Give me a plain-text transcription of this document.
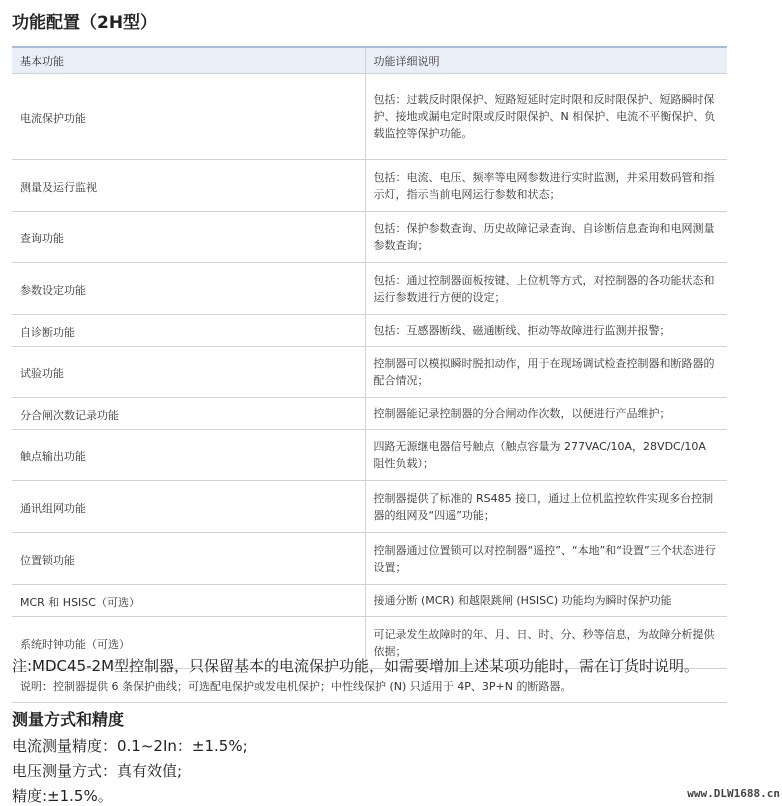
功能配置（2H型）
基本功能	功能详细说明
电流保护功能	包括：过载反时限保护、短路短延时定时限和反时限保护、短路瞬时保护、接地或漏电定时限或反时限保护、N 相保护、电流不平衡保护、负载监控等保护功能。
测量及运行监视	包括：电流、电压、频率等电网参数进行实时监测，并采用数码管和指示灯，指示当前电网运行参数和状态；
查询功能	包括：保护参数查询、历史故障记录查询、自诊断信息查询和电网测量参数查询；
参数设定功能	包括：通过控制器面板按键、上位机等方式，对控制器的各功能状态和运行参数进行方便的设定；
自诊断功能	包括：互感器断线、磁通断线、拒动等故障进行监测并报警；
试验功能	控制器可以模拟瞬时脱扣动作，用于在现场调试检查控制器和断路器的配合情况；
分合闸次数记录功能	控制器能记录控制器的分合闸动作次数，以便进行产品维护；
触点输出功能	四路无源继电器信号触点（触点容量为 277VAC/10A，28VDC/10A 阻性负载）；
通讯组网功能	控制器提供了标准的 RS485 接口，通过上位机监控软件实现多台控制器的组网及“四遥”功能；
位置锁功能	控制器通过位置锁可以对控制器“遥控”、“本地”和“设置”三个状态进行设置；
MCR 和 HSISC（可选）	接通分断 (MCR) 和越限跳闸 (HSISC) 功能均为瞬时保护功能
系统时钟功能（可选）	可记录发生故障时的年、月、日、时、分、秒等信息，为故障分析提供依据；
说明：控制器提供 6 条保护曲线；可选配电保护或发电机保护；中性线保护 (N) 只适用于 4P、3P+N 的断路器。	

注:MDC45-2M型控制器，只保留基本的电流保护功能，如需要增加上述某项功能时，需在订货时说明。

测量方式和精度

电流测量精度：0.1~2In：±1.5%;

电压测量方式：真有效值;

精度:±1.5%。	www.DLW1688.cn
